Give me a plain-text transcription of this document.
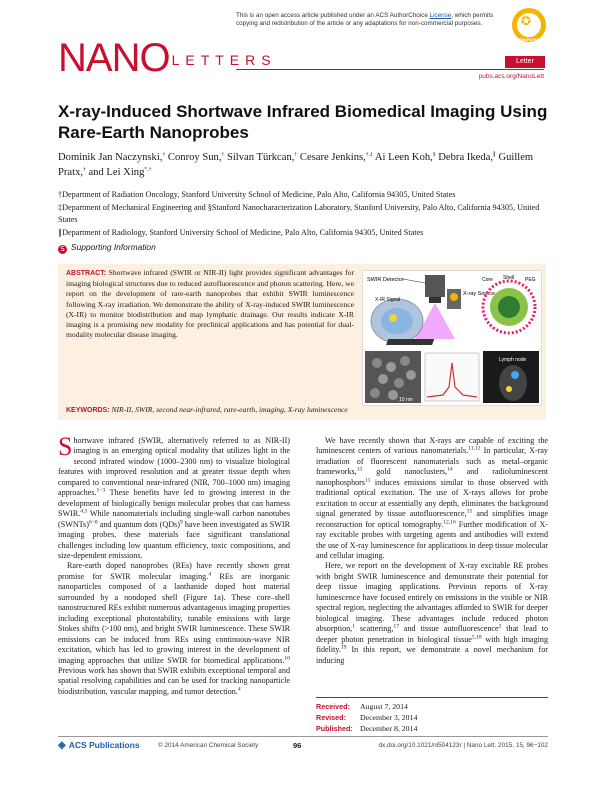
This is an open access article published under an ACS AuthorChoice License, which permits copying and redistribution of the article or any adaptations for non-commercial purposes.	✪
ACS AUTHORCHOICE
NANO LETTERS	Letter
pubs.acs.org/NanoLett
X-ray-Induced Shortwave Infrared Biomedical Imaging Using Rare-Earth Nanoprobes
Dominik Jan Naczynski,† Conroy Sun,† Silvan Türkcan,† Cesare Jenkins,†,‡ Ai Leen Koh,§ Debra Ikeda,∥ Guillem Pratx,† and Lei Xing*,†

†Department of Radiation Oncology, Stanford University School of Medicine, Palo Alto, California 94305, United States

‡Department of Mechanical Engineering and §Stanford Nanocharacterization Laboratory, Stanford University, Palo Alto, California 94305, United States

∥Department of Radiology, Stanford University School of Medicine, Palo Alto, California 94305, United States

S Supporting Information
ABSTRACT: Shortwave infrared (SWIR or NIR-II) light provides significant advantages for imaging biological structures due to reduced autofluorescence and photon scattering. Here, we report on the development of rare-earth nanoprobes that exhibit SWIR luminescence following X-ray irradiation. We demonstrate the ability of X-ray-induced SWIR luminescence (X-IR) to monitor biodistribution and map lymphatic drainage. Our results indicate X-IR imaging is a promising new modality for preclinical applications and has potential for dual-modality molecular disease imaging.
SWIR Detector
X-IR Signal
X-ray Source
Core Shell PEG
10 nm
Lymph node
KEYWORDS: NIR-II, SWIR, second near-infrared, rare-earth, imaging, X-ray luminescence

Shortwave infrared (SWIR, alternatively referred to as NIR-II) imaging is an emerging optical modality that utilizes light in the second infrared window (1000–2300 nm) to visualize biological features with improved resolution and at greater tissue depth when compared to conventional near-infrared (NIR, 700–1000 nm) imaging approaches.$^{1-3}$ These benefits have led to growing interest in the development of biologically benign molecular probes that can harness SWIR.$^{4,5}$ While nanomaterials including single-wall carbon nanotubes (SWNTs)$^{6-8}$ and quantum dots (QDs)$^9$ have been investigated as SWIR imaging probes, these materials face significant translational challenges including low quantum efficiency, toxic compositions, and size-dependent emissions.

Rare-earth doped nanoprobes (REs) have recently shown great promise for SWIR molecular imaging.$^4$ REs are inorganic nanoparticles composed of a lanthanide doped host material surrounded by a nondoped shell (Figure 1a). These core–shell nanostructured REs exhibit numerous advantageous imaging properties including exceptional photostability, tunable emissions with large Stokes shifts (>100 nm), and bright SWIR luminescence. These SWIR emissions can be induced from REs using continuous-wave NIR excitation, which has led to growing interest in the development of imaging approaches that utilize SWIR for biomedical applications.$^{10}$ Previous work has shown that SWIR exhibits exceptional temporal and spatial resolving capabilities and can be used for tracking nanoparticle biodistribution, vascular mapping, and tumor detection.$^4$

We have recently shown that X-rays are capable of exciting the luminescent centers of various nanomaterials.$^{11,12}$ In particular, X-ray irradiation of fluorescent nanomaterials such as metal–organic frameworks,$^{13}$ gold nanoclusters,$^{14}$ and radioluminescent nanophosphors$^{11}$ induces emissions similar to those observed with traditional optical excitation. The use of X-rays allows for probe excitation to occur at essentially any depth, eliminates the background signal generated by tissue autofluorescence,$^{15}$ and simplifies image reconstruction for optical tomography.$^{12,16}$ Further modification of X-ray excitable probes with targeting agents and antibodies will extend the use of X-ray luminescence for applications in deep tissue molecular and cellular imaging.

Here, we report on the development of X-ray excitable RE probes with bright SWIR luminescence and demonstrate their potential for deep tissue imaging applications. Previous reports of X-ray luminescence have focused entirely on emissions in the visible or NIR spectral region, neglecting the advantages afforded to SWIR for deeper biological imaging. These advantages include reduced photon absorption,$^1$ scattering,$^{17}$ and tissue autofluorescence$^2$ that lead to deeper photon penetration in biological tissue$^{5,18}$ with high imaging fidelity.$^{19}$ In this report, we demonstrate a novel mechanism for inducing

Received: August 7, 2014
Revised: December 3, 2014
Published: December 8, 2014
◈ ACS Publications	© 2014 American Chemical Society	96	dx.doi.org/10.1021/nl504123r | Nano Lett. 2015, 15, 96−102
